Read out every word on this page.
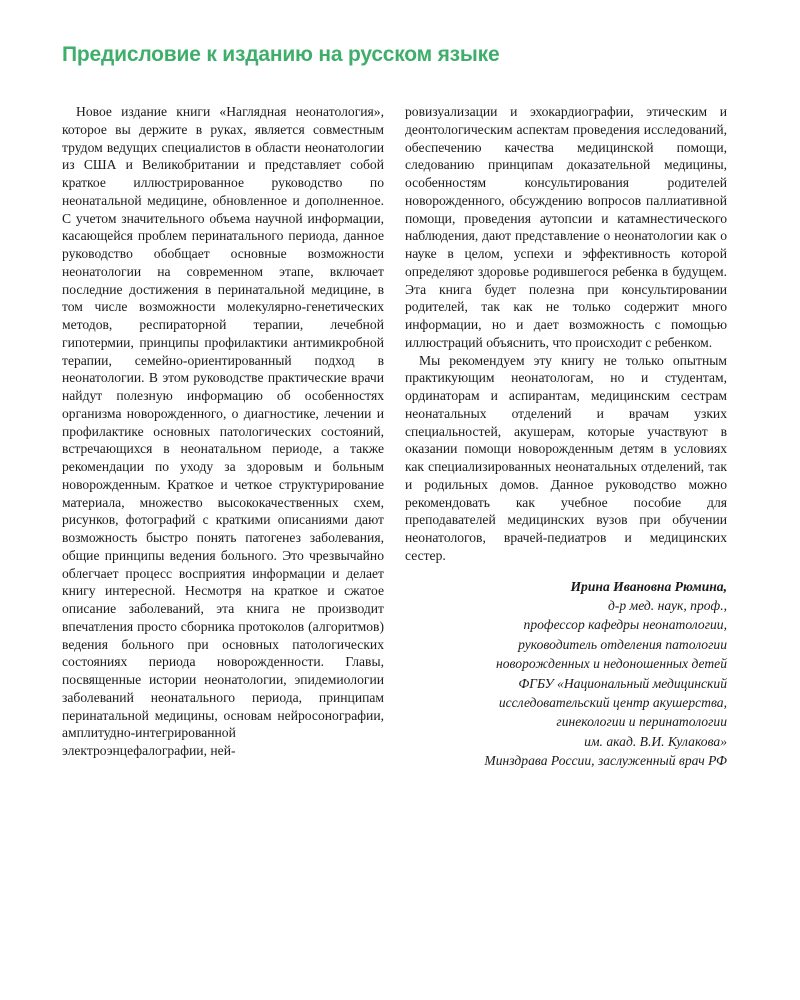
Предисловие к изданию на русском языке

Новое издание книги «Наглядная неонатология», которое вы держите в руках, является совместным трудом ведущих специалистов в области неонатологии из США и Великобритании и представляет собой краткое иллюстрированное руководство по неонатальной медицине, обновленное и дополненное. С учетом значительного объема научной информации, касающейся проблем перинатального периода, данное руководство обобщает основные возможности неонатологии на современном этапе, включает последние достижения в перинатальной медицине, в том числе возможности молекулярно-генетических методов, респираторной терапии, лечебной гипотермии, принципы профилактики антимикробной терапии, семейно-ориентированный подход в неонатологии. В этом руководстве практические врачи найдут полезную информацию об особенностях организма новорожденного, о диагностике, лечении и профилактике основных патологических состояний, встречающихся в неонатальном периоде, а также рекомендации по уходу за здоровым и больным новорожденным. Краткое и четкое структурирование материала, множество высококачественных схем, рисунков, фотографий с краткими описаниями дают возможность быстро понять патогенез заболевания, общие принципы ведения больного. Это чрезвычайно облегчает процесс восприятия информации и делает книгу интересной. Несмотря на краткое и сжатое описание заболеваний, эта книга не производит впечатления просто сборника протоколов (алгоритмов) ведения больного при основных патологических состояниях периода новорожденности. Главы, посвященные истории неонатологии, эпидемиологии заболеваний неонатального периода, принципам перинатальной медицины, основам нейросонографии, амплитудно-интегрированной электроэнцефалографии, ней-

ровизуализации и эхокардиографии, этическим и деонтологическим аспектам проведения исследований, обеспечению качества медицинской помощи, следованию принципам доказательной медицины, особенностям консультирования родителей новорожденного, обсуждению вопросов паллиативной помощи, проведения аутопсии и катамнестического наблюдения, дают представление о неонатологии как о науке в целом, успехи и эффективность которой определяют здоровье родившегося ребенка в будущем. Эта книга будет полезна при консультировании родителей, так как не только содержит много информации, но и дает возможность с помощью иллюстраций объяснить, что происходит с ребенком.

Мы рекомендуем эту книгу не только опытным практикующим неонатологам, но и студентам, ординаторам и аспирантам, медицинским сестрам неонатальных отделений и врачам узких специальностей, акушерам, которые участвуют в оказании помощи новорожденным детям в условиях как специализированных неонатальных отделений, так и родильных домов. Данное руководство можно рекомендовать как учебное пособие для преподавателей медицинских вузов при обучении неонатологов, врачей-педиатров и медицинских сестер.

Ирина Ивановна Рюмина,
д-р мед. наук, проф.,
профессор кафедры неонатологии,
руководитель отделения патологии
новорожденных и недоношенных детей
ФГБУ «Национальный медицинский
исследовательский центр акушерства,
гинекологии и перинатологии
им. акад. В.И. Кулакова»
Минздрава России, заслуженный врач РФ
